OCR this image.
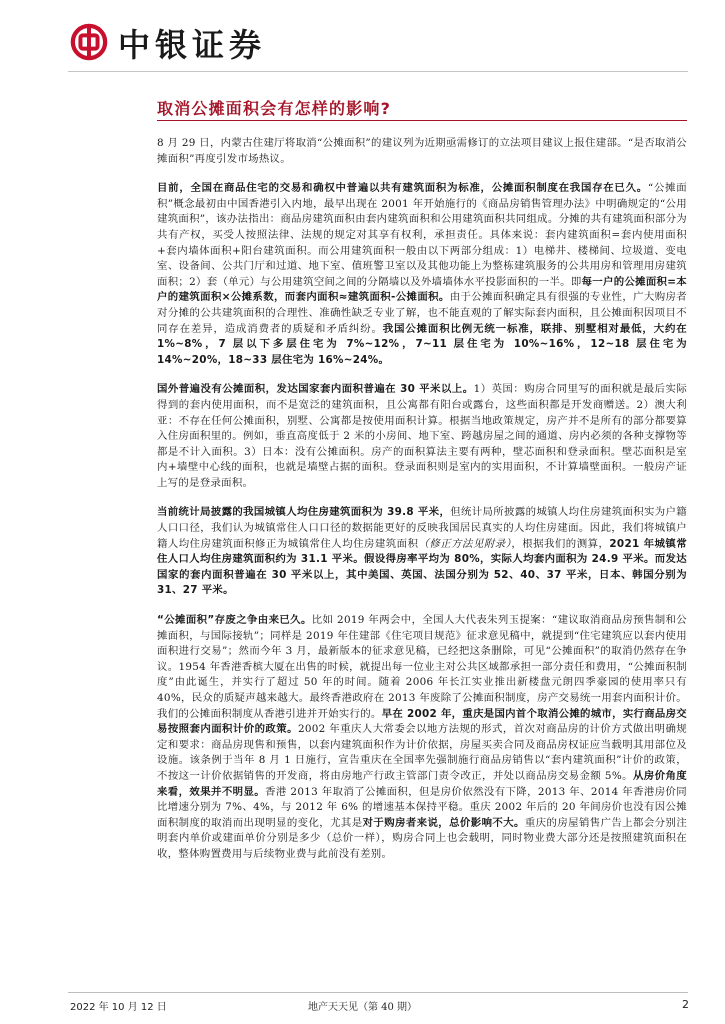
中银证券
取消公摊面积会有怎样的影响?

8 月 29 日，内蒙古住建厅将取消“公摊面积”的建议列为近期亟需修订的立法项目建议上报住建部。“是否取消公摊面积”再度引发市场热议。

目前，全国在商品住宅的交易和确权中普遍以共有建筑面积为标准，公摊面积制度在我国存在已久。“公摊面积”概念最初由中国香港引入内地，最早出现在 2001 年开始施行的《商品房销售管理办法》中明确规定的“公用建筑面积”，该办法指出：商品房建筑面积由套内建筑面积和公用建筑面积共同组成。分摊的共有建筑面积部分为共有产权，买受人按照法律、法规的规定对其享有权利，承担责任。具体来说：套内建筑面积=套内使用面积+套内墙体面积+阳台建筑面积。而公用建筑面积一般由以下两部分组成：1）电梯井、楼梯间、垃圾道、变电室、设备间、公共门厅和过道、地下室、值班警卫室以及其他功能上为整栋建筑服务的公共用房和管理用房建筑面积；2）套（单元）与公用建筑空间之间的分隔墙以及外墙墙体水平投影面积的一半。即每一户的公摊面积=本户的建筑面积×公摊系数，而套内面积≈建筑面积-公摊面积。由于公摊面积确定具有很强的专业性，广大购房者对分摊的公共建筑面积的合理性、准确性缺乏专业了解，也不能直观的了解实际套内面积，且公摊面积因项目不同存在差异，造成消费者的质疑和矛盾纠纷。我国公摊面积比例无统一标准，联排、别墅相对最低，大约在 1%~8%，7 层以下多层住宅为 7%~12%，7~11 层住宅为 10%~16%，12~18 层住宅为 14%~20%，18~33 层住宅为 16%~24%。

国外普遍没有公摊面积，发达国家套内面积普遍在 30 平米以上。1）英国：购房合同里写的面积就是最后实际得到的套内使用面积，而不是宽泛的建筑面积，且公寓都有阳台或露台，这些面积都是开发商赠送。2）澳大利亚：不存在任何公摊面积，别墅、公寓都是按使用面积计算。根据当地政策规定，房产并不是所有的部分都要算入住房面积里的。例如，垂直高度低于 2 米的小房间、地下室、跨越房屋之间的通道、房内必须的各种支撑物等都是不计入面积。3）日本：没有公摊面积。房产的面积算法主要有两种，壁芯面积和登录面积。壁芯面积是室内+墙壁中心线的面积，也就是墙壁占据的面积。登录面积则是室内的实用面积，不计算墙壁面积。一般房产证上写的是登录面积。

当前统计局披露的我国城镇人均住房建筑面积为 39.8 平米，但统计局所披露的城镇人均住房建筑面积实为户籍人口口径，我们认为城镇常住人口口径的数据能更好的反映我国居民真实的人均住房建面。因此，我们将城镇户籍人均住房建筑面积修正为城镇常住人均住房建筑面积（修正方法见附录），根据我们的测算，2021 年城镇常住人口人均住房建筑面积约为 31.1 平米。假设得房率平均为 80%，实际人均套内面积为 24.9 平米。而发达国家的套内面积普遍在 30 平米以上，其中美国、英国、法国分别为 52、40、37 平米，日本、韩国分别为 31、27 平米。

“公摊面积”存废之争由来已久。比如 2019 年两会中，全国人大代表朱列玉提案：“建议取消商品房预售制和公摊面积，与国际接轨”；同样是 2019 年住建部《住宅项目规范》征求意见稿中，就提到“住宅建筑应以套内使用面积进行交易”；然而今年 3 月，最新版本的征求意见稿，已经把这条删除，可见“公摊面积”的取消仍然存在争议。1954 年香港香槟大厦在出售的时候，就提出每一位业主对公共区域都承担一部分责任和费用，“公摊面积制度”由此诞生，并实行了超过 50 年的时间。随着 2006 年长江实业推出新楼盘元朗四季豪园的使用率只有 40%，民众的质疑声越来越大。最终香港政府在 2013 年废除了公摊面积制度，房产交易统一用套内面积计价。我们的公摊面积制度从香港引进并开始实行的。早在 2002 年，重庆是国内首个取消公摊的城市，实行商品房交易按照套内面积计价的政策。2002 年重庆人大常委会以地方法规的形式，首次对商品房的计价方式做出明确规定和要求：商品房现售和预售，以套内建筑面积作为计价依据，房屋买卖合同及商品房权证应当载明其用部位及设施。该条例于当年 8 月 1 日施行，宣告重庆在全国率先强制施行商品房销售以“套内建筑面积”计价的政策，不按这一计价依据销售的开发商，将由房地产行政主管部门责令改正，并处以商品房交易金额 5%。从房价角度来看，效果并不明显。香港 2013 年取消了公摊面积，但是房价依然没有下降，2013 年、2014 年香港房价同比增速分别为 7%、4%，与 2012 年 6% 的增速基本保持平稳。重庆 2002 年后的 20 年间房价也没有因公摊面积制度的取消而出现明显的变化，尤其是对于购房者来说，总价影响不大。重庆的房屋销售广告上都会分别注明套内单价或建面单价分别是多少（总价一样），购房合同上也会载明，同时物业费大部分还是按照建筑面积在收，整体购置费用与后续物业费与此前没有差别。

2022 年 10 月 12 日	地产天天见（第 40 期）	2
